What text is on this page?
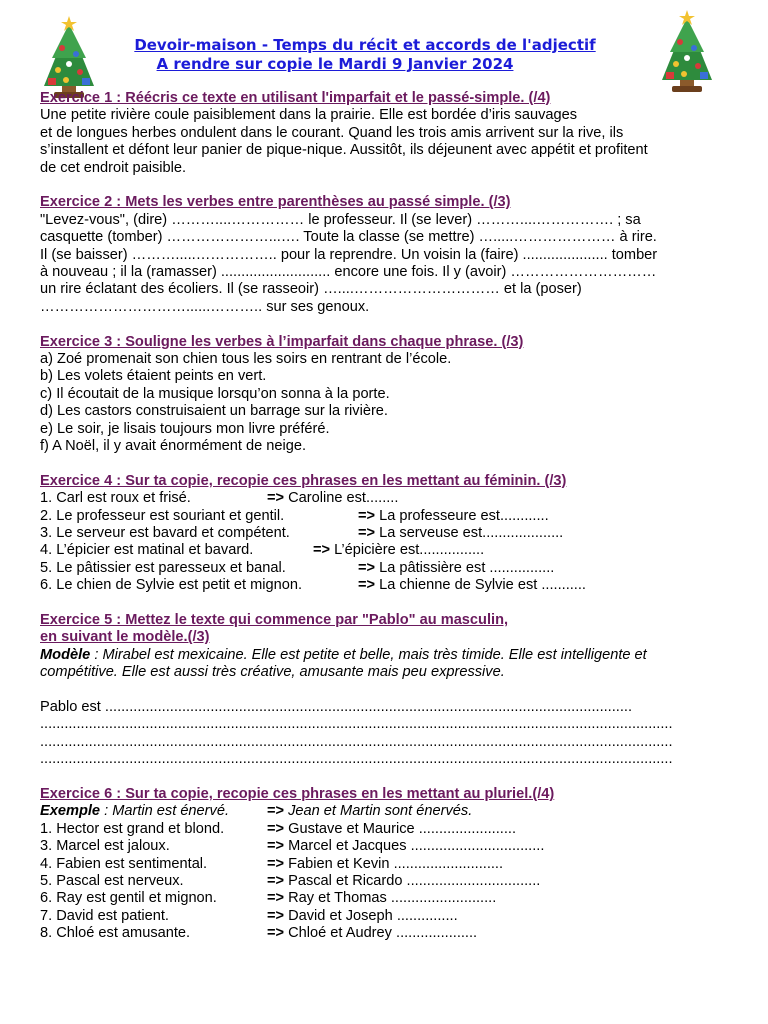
Devoir-maison - Temps du récit et accords de l'adjectif
A rendre sur copie le Mardi 9 Janvier 2024
Exercice 1 : Réécris ce texte en utilisant l'imparfait et le passé-simple. (/4)
Une petite rivière coule paisiblement dans la prairie. Elle est bordée d’iris sauvages
et de longues herbes ondulent dans le courant. Quand les trois amis arrivent sur la rive, ils
s’installent et défont leur panier de pique-nique. Aussitôt, ils déjeunent avec appétit et profitent
de cet endroit paisible.
Exercice 2 : Mets les verbes entre parenthèses au passé simple. (/3)
"Levez-vous", (dire) ………....…………… le professeur. Il (se lever) ………....……………. ; sa
casquette (tomber) …………………...…. Toute la classe (se mettre) ….....………………… à rire.
Il (se baisser) ……….....…………….. pour la reprendre. Un voisin la (faire) ..................... tomber
à nouveau ; il la (ramasser) ........................... encore une fois. Il y (avoir) …………………………
un rire éclatant des écoliers. Il (se rasseoir) …....………………………… et la (poser)
…………………………......……….. sur ses genoux.
Exercice 3 : Souligne les verbes à l’imparfait dans chaque phrase. (/3)
a) Zoé promenait son chien tous les soirs en rentrant de l’école.
b) Les volets étaient peints en vert.
c) Il écoutait de la musique lorsqu’on sonna à la porte.
d) Les castors construisaient un barrage sur la rivière.
e) Le soir, je lisais toujours mon livre préféré.
f) A Noël, il y avait énormément de neige.
Exercice 4 : Sur ta copie, recopie ces phrases en les mettant au féminin. (/3)
1. Carl est roux et frisé.	=> Caroline est........
2. Le professeur est souriant et gentil.	=> La professeure est............
3. Le serveur est bavard et compétent.	=> La serveuse est....................
4. L’épicier est matinal et bavard.	=> L’épicière est................
5. Le pâtissier est paresseux et banal.	=> La pâtissière est ................
6. Le chien de Sylvie est petit et mignon.	=> La chienne de Sylvie est ...........
Exercice 5 : Mettez le texte qui commence par "Pablo" au masculin,
en suivant le modèle.(/3)
Modèle : Mirabel est mexicaine. Elle est petite et belle, mais très timide. Elle est intelligente et
compétitive. Elle est aussi très créative, amusante mais peu expressive.
Pablo est ..................................................................................................................................
............................................................................................................................................................
............................................................................................................................................................
............................................................................................................................................................
Exercice 6 : Sur ta copie, recopie ces phrases en les mettant au pluriel.(/4)
Exemple : Martin est énervé.	=> Jean et Martin sont énervés.
1. Hector est grand et blond.	=> Gustave et Maurice ........................
3. Marcel est jaloux.	=> Marcel et Jacques .................................
4. Fabien est sentimental.	=> Fabien et Kevin ...........................
5. Pascal est nerveux.	=> Pascal et Ricardo .................................
6. Ray est gentil et mignon.	=> Ray et Thomas ..........................
7. David est patient.	=> David et Joseph ...............
8. Chloé est amusante.	=> Chloé et Audrey ....................
